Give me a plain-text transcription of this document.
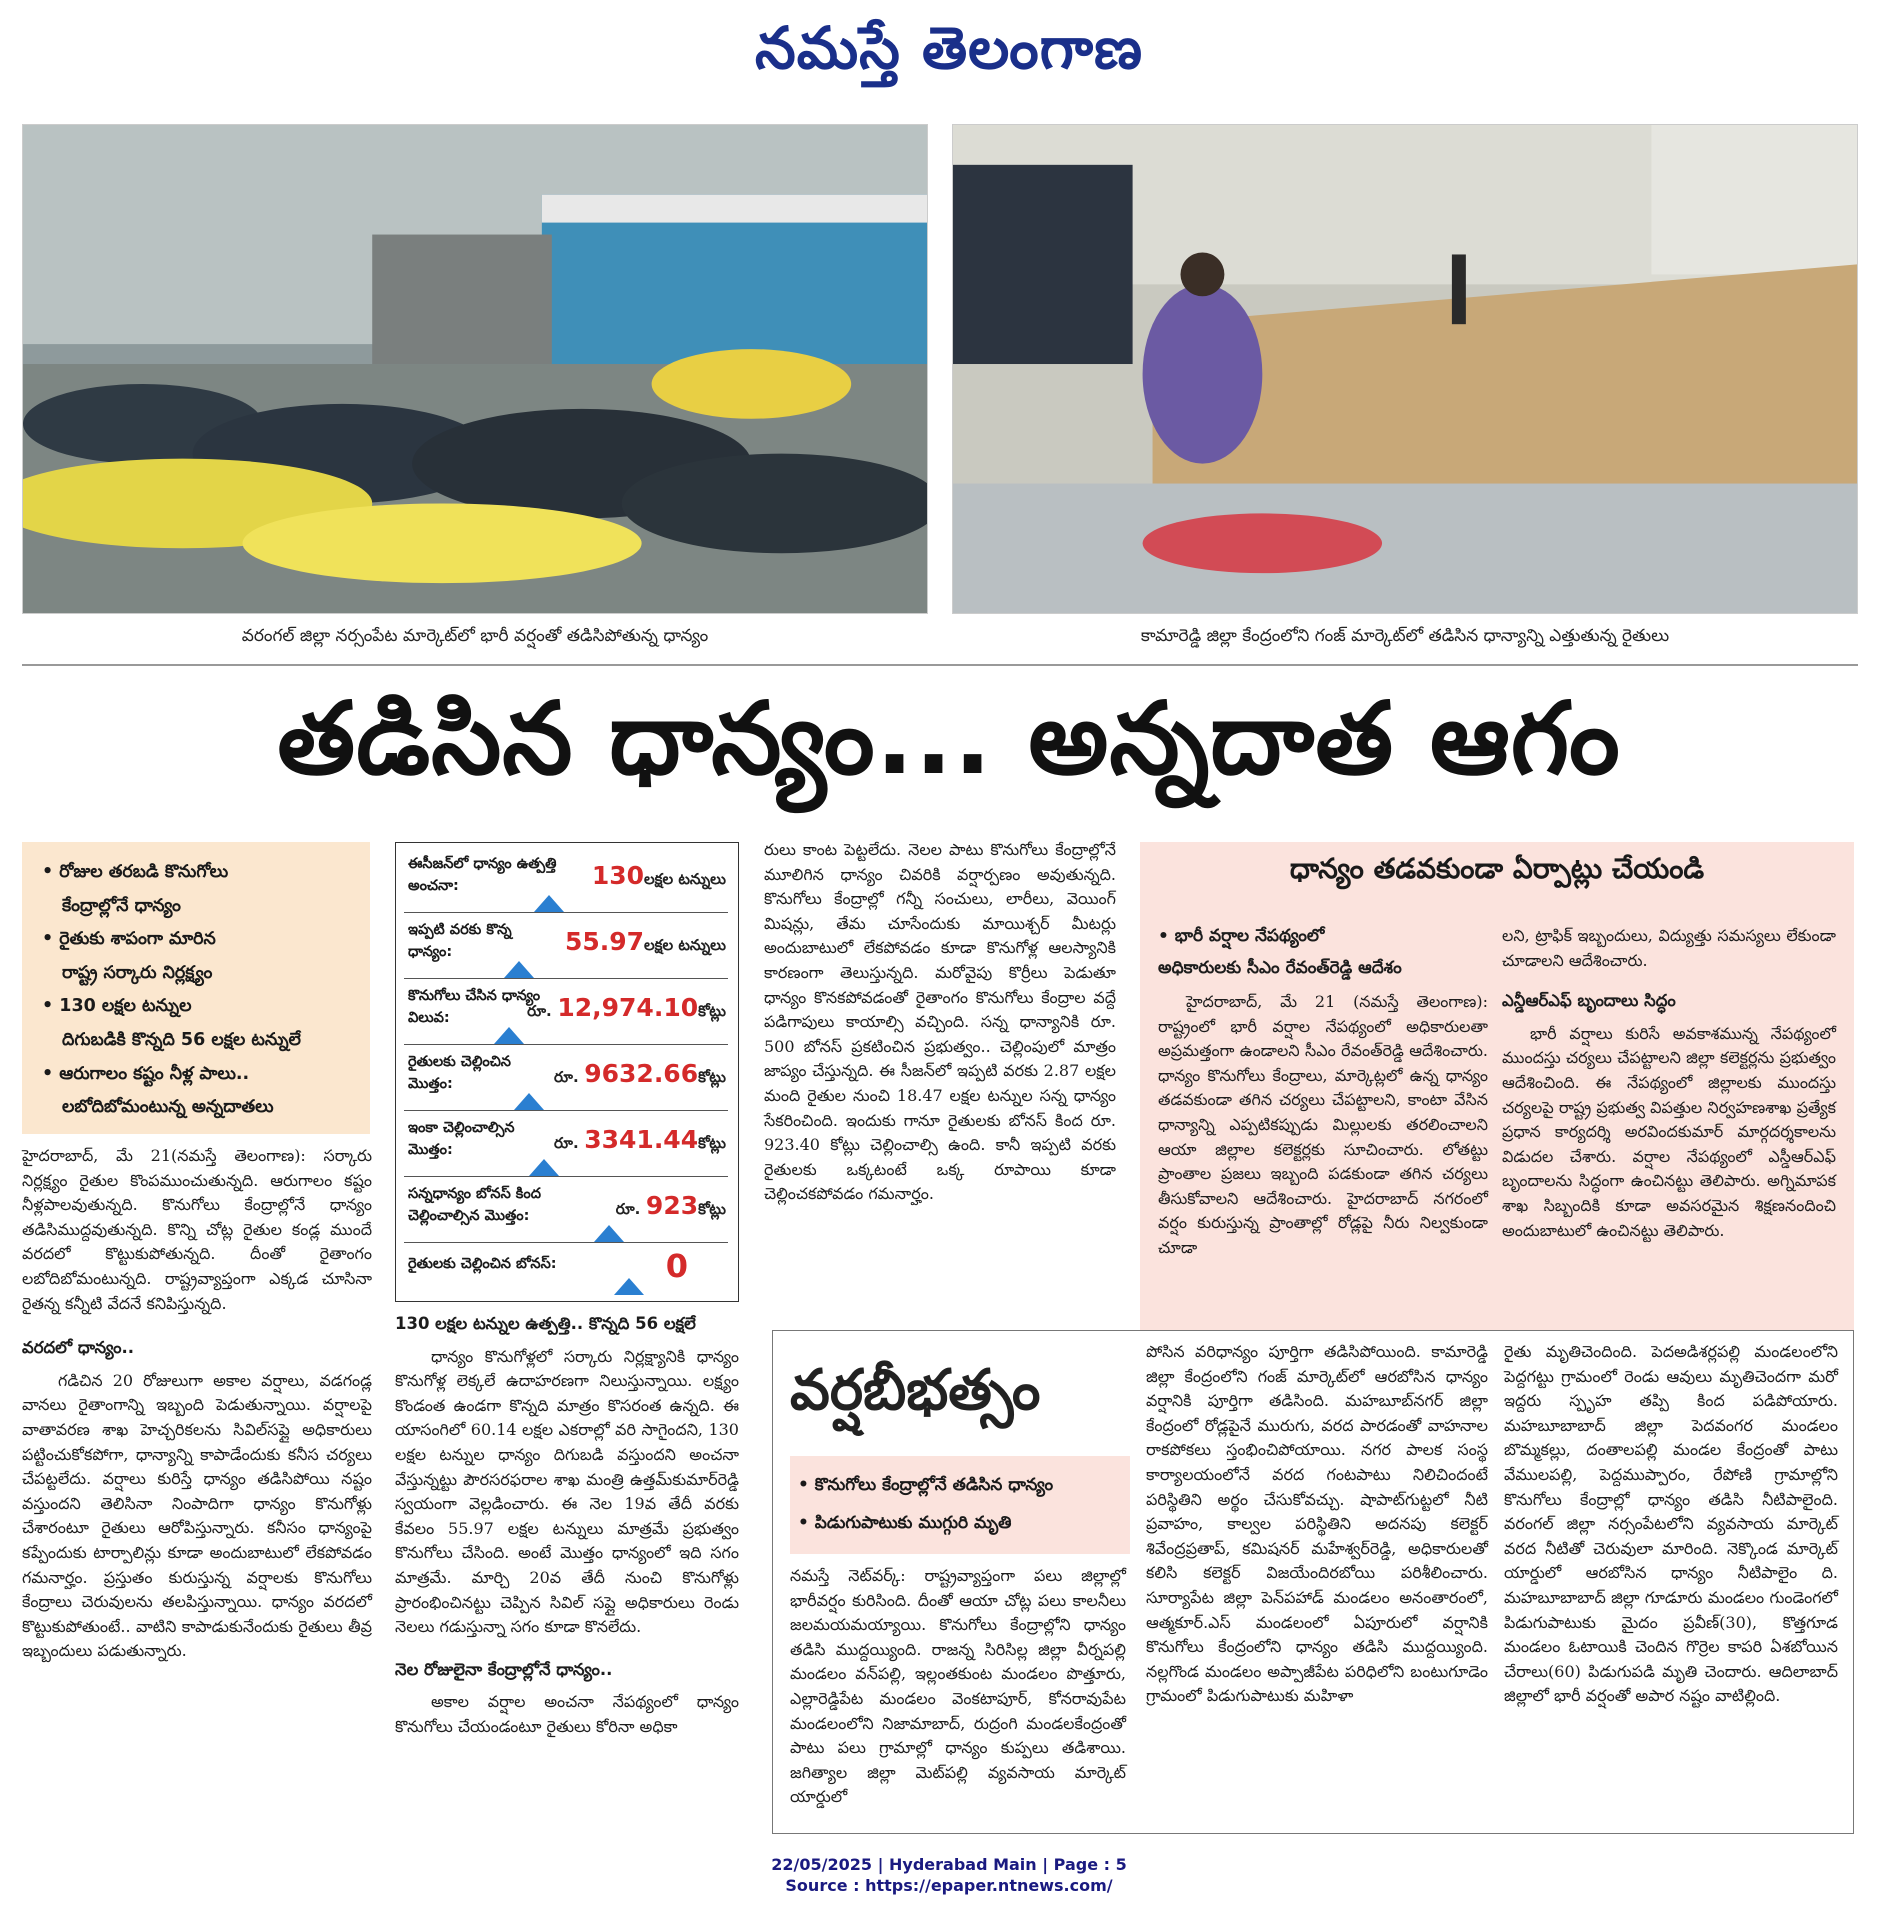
నమస్తే తెలంగాణ
వరంగల్ జిల్లా నర్సంపేట మార్కెట్‌లో భారీ వర్షంతో తడిసిపోతున్న ధాన్యం	కామారెడ్డి జిల్లా కేంద్రంలోని గంజ్ మార్కెట్‌లో తడిసిన ధాన్యాన్ని ఎత్తుతున్న రైతులు
తడిసిన ధాన్యం... అన్నదాత ఆగం
• రోజుల తరబడి కొనుగోలు
కేంద్రాల్లోనే ధాన్యం
• రైతుకు శాపంగా మారిన
రాష్ట్ర సర్కారు నిర్లక్ష్యం
• 130 లక్షల టన్నుల
దిగుబడికి కొన్నది 56 లక్షల టన్నులే
• ఆరుగాలం కష్టం నీళ్ల పాలు..
లబోదిబోమంటున్న అన్నదాతలు

హైదరాబాద్, మే 21(నమస్తే తెలంగాణ): సర్కారు నిర్లక్ష్యం రైతుల కొంపముంచుతున్నది. ఆరుగాలం కష్టం నీళ్లపాలవుతున్నది. కొనుగోలు కేంద్రాల్లోనే ధాన్యం తడిసిముద్దవుతున్నది. కొన్ని చోట్ల రైతుల కండ్ల ముందే వరదలో కొట్టుకుపోతున్నది. దీంతో రైతాంగం లబోదిబోమంటున్నది. రాష్ట్రవ్యాప్తంగా ఎక్కడ చూసినా రైతన్న కన్నీటి వేదనే కనిపిస్తున్నది.

వరదలో ధాన్యం..

గడిచిన 20 రోజులుగా అకాల వర్షాలు, వడగండ్ల వానలు రైతాంగాన్ని ఇబ్బంది పెడుతున్నాయి. వర్షాలపై వాతావరణ శాఖ హెచ్చరికలను సివిల్‌సప్లై అధికారులు పట్టించుకోకపోగా, ధాన్యాన్ని కాపాడేందుకు కనీస చర్యలు చేపట్టలేదు. వర్షాలు కురిస్తే ధాన్యం తడిసిపోయి నష్టం వస్తుందని తెలిసినా నింపాదిగా ధాన్యం కొనుగోళ్లు చేశారంటూ రైతులు ఆరోపిస్తున్నారు. కనీసం ధాన్యంపై కప్పేందుకు టార్పాలిన్లు కూడా అందుబాటులో లేకపోవడం గమనార్హం. ప్రస్తుతం కురుస్తున్న వర్షాలకు కొనుగోలు కేంద్రాలు చెరువులను తలపిస్తున్నాయి. ధాన్యం వరదలో కొట్టుకుపోతుంటే.. వాటిని కాపాడుకునేందుకు రైతులు తీవ్ర ఇబ్బందులు పడుతున్నారు.

ఈసీజన్‌లో ధాన్యం ఉత్పత్తి అంచనా:	130లక్షల టన్నులు
ఇప్పటి వరకు కొన్న ధాన్యం:	55.97లక్షల టన్నులు
కొనుగోలు చేసిన ధాన్యం విలువ:	రూ. 12,974.10కోట్లు
రైతులకు చెల్లించిన మొత్తం:	రూ. 9632.66కోట్లు
ఇంకా చెల్లించాల్సిన మొత్తం:	రూ. 3341.44కోట్లు
సన్నధాన్యం బోనస్ కింద చెల్లించాల్సిన మొత్తం:	రూ. 923కోట్లు
రైతులకు చెల్లించిన బోనస్:	0

130 లక్షల టన్నుల ఉత్పత్తి.. కొన్నది 56 లక్షలే

ధాన్యం కొనుగోళ్లలో సర్కారు నిర్లక్ష్యానికి ధాన్యం కొనుగోళ్ల లెక్కలే ఉదాహరణగా నిలుస్తున్నాయి. లక్ష్యం కొండంత ఉండగా కొన్నది మాత్రం కొసరంత ఉన్నది. ఈ యాసంగిలో 60.14 లక్షల ఎకరాల్లో వరి సాగైందని, 130 లక్షల టన్నుల ధాన్యం దిగుబడి వస్తుందని అంచనా వేస్తున్నట్టు పౌరసరఫరాల శాఖ మంత్రి ఉత్తమ్‌కుమార్‌రెడ్డి స్వయంగా వెల్లడించారు. ఈ నెల 19వ తేదీ వరకు కేవలం 55.97 లక్షల టన్నులు మాత్రమే ప్రభుత్వం కొనుగోలు చేసింది. అంటే మొత్తం ధాన్యంలో ఇది సగం మాత్రమే. మార్చి 20వ తేదీ నుంచి కొనుగోళ్లు ప్రారంభించినట్టు చెప్పిన సివిల్ సప్లై అధికారులు రెండు నెలలు గడుస్తున్నా సగం కూడా కొనలేదు.

నెల రోజులైనా కేంద్రాల్లోనే ధాన్యం..

అకాల వర్షాల అంచనా నేపథ్యంలో ధాన్యం కొనుగోలు చేయండంటూ రైతులు కోరినా అధికా

రులు కాంట పెట్టలేదు. నెలల పాటు కొనుగోలు కేంద్రాల్లోనే మూలిగిన ధాన్యం చివరికి వర్షార్పణం అవుతున్నది. కొనుగోలు కేంద్రాల్లో గన్నీ సంచులు, లారీలు, వెయింగ్ మిషన్లు, తేమ చూసేందుకు మాయిశ్చర్ మీటర్లు అందుబాటులో లేకపోవడం కూడా కొనుగోళ్ల ఆలస్యానికి కారణంగా తెలుస్తున్నది. మరోవైపు కొర్రీలు పెడుతూ ధాన్యం కొనకపోవడంతో రైతాంగం కొనుగోలు కేంద్రాల వద్దే పడిగాపులు కాయాల్సి వచ్చింది. సన్న ధాన్యానికి రూ. 500 బోనస్ ప్రకటించిన ప్రభుత్వం.. చెల్లింపులో మాత్రం జాప్యం చేస్తున్నది. ఈ సీజన్‌లో ఇప్పటి వరకు 2.87 లక్షల మంది రైతుల నుంచి 18.47 లక్షల టన్నుల సన్న ధాన్యం సేకరించింది. ఇందుకు గానూ రైతులకు బోనస్ కింద రూ. 923.40 కోట్లు చెల్లించాల్సి ఉంది. కానీ ఇప్పటి వరకు రైతులకు ఒక్కటంటే ఒక్క రూపాయి కూడా చెల్లించకపోవడం గమనార్హం.

ధాన్యం తడవకుండా ఏర్పాట్లు చేయండి

• భారీ వర్షాల నేపథ్యంలో

అధికారులకు సీఎం రేవంత్‌రెడ్డి ఆదేశం

హైదరాబాద్, మే 21 (నమస్తే తెలంగాణ): రాష్ట్రంలో భారీ వర్షాల నేపథ్యంలో అధికారులతా అప్రమత్తంగా ఉండాలని సీఎం రేవంత్‌రెడ్డి ఆదేశించారు. ధాన్యం కొనుగోలు కేంద్రాలు, మార్కెట్లలో ఉన్న ధాన్యం తడవకుండా తగిన చర్యలు చేపట్టాలని, కాంటా వేసిన ధాన్యాన్ని ఎప్పటికప్పుడు మిల్లులకు తరలించాలని ఆయా జిల్లాల కలెక్టర్లకు సూచించారు. లోతట్టు ప్రాంతాల ప్రజలు ఇబ్బంది పడకుండా తగిన చర్యలు తీసుకోవాలని ఆదేశించారు. హైదరాబాద్ నగరంలో వర్షం కురుస్తున్న ప్రాంతాల్లో రోడ్లపై నీరు నిల్వకుండా చూడా

లని, ట్రాఫిక్ ఇబ్బందులు, విద్యుత్తు సమస్యలు లేకుండా చూడాలని ఆదేశించారు.

ఎన్డీఆర్‌ఎఫ్ బృందాలు సిద్ధం

భారీ వర్షాలు కురిసే అవకాశమున్న నేపథ్యంలో ముందస్తు చర్యలు చేపట్టాలని జిల్లా కలెక్టర్లను ప్రభుత్వం ఆదేశించింది. ఈ నేపథ్యంలో జిల్లాలకు ముందస్తు చర్యలపై రాష్ట్ర ప్రభుత్వ విపత్తుల నిర్వహణశాఖ ప్రత్యేక ప్రధాన కార్యదర్శి అరవిందకుమార్ మార్గదర్శకాలను విడుదల చేశారు. వర్షాల నేపథ్యంలో ఎస్డీఆర్‌ఎఫ్ బృందాలను సిద్ధంగా ఉంచినట్టు తెలిపారు. అగ్నిమాపక శాఖ సిబ్బందికి కూడా అవసరమైన శిక్షణనందించి అందుబాటులో ఉంచినట్టు తెలిపారు.

వర్షబీభత్సం

• కొనుగోలు కేంద్రాల్లోనే తడిసిన ధాన్యం

• పిడుగుపాటుకు ముగ్గురి మృతి

నమస్తే నెట్‌వర్క్: రాష్ట్రవ్యాప్తంగా పలు జిల్లాల్లో భారీవర్షం కురిసింది. దీంతో ఆయా చోట్ల పలు కాలనీలు జలమయమయ్యాయి. కొనుగోలు కేంద్రాల్లోని ధాన్యం తడిసి ముద్దయ్యింది. రాజన్న సిరిసిల్ల జిల్లా వీర్నపల్లి మండలం వన్‌పల్లి, ఇల్లంతకుంట మండలం పొత్తూరు, ఎల్లారెడ్డిపేట మండలం వెంకటాపూర్, కోనరావుపేట మండలంలోని నిజామాబాద్, రుద్రంగి మండలకేంద్రంతో పాటు పలు గ్రామాల్లో ధాన్యం కుప్పలు తడిశాయి. జగిత్యాల జిల్లా మెట్‌పల్లి వ్యవసాయ మార్కెట్ యార్డులో

పోసిన వరిధాన్యం పూర్తిగా తడిసిపోయింది. కామారెడ్డి జిల్లా కేంద్రంలోని గంజ్ మార్కెట్‌లో ఆరబోసిన ధాన్యం వర్షానికి పూర్తిగా తడిసింది. మహబూబ్‌నగర్ జిల్లా కేంద్రంలో రోడ్లపైనే మురుగు, వరద పారడంతో వాహనాల రాకపోకలు స్తంభించిపోయాయి. నగర పాలక సంస్థ కార్యాలయంలోనే వరద గంటపాటు నిలిచిందంటే పరిస్థితిని అర్థం చేసుకోవచ్చు. షాపాట్‌గుట్టలో నీటి ప్రవాహం, కాల్వల పరిస్థితిని అదనపు కలెక్టర్ శివేంద్రప్రతాప్, కమిషనర్ మహేశ్వర్‌రెడ్డి, అధికారులతో కలిసి కలెక్టర్ విజయేందిరబోయి పరిశీలించారు. సూర్యాపేట జిల్లా పెన్‌పహాడ్ మండలం అనంతారంలో, ఆత్మకూర్.ఎస్ మండలంలో ఏపూరులో వర్షానికి కొనుగోలు కేంద్రంలోని ధాన్యం తడిసి ముద్దయ్యింది. నల్లగొండ మండలం అప్పాజీపేట పరిధిలోని బంటుగూడెం గ్రామంలో పిడుగుపాటుకు మహిళా

రైతు మృతిచెందింది. పెదఅడిశర్లపల్లి మండలంలోని పెద్దగట్టు గ్రామంలో రెండు ఆవులు మృతిచెందగా మరో ఇద్దరు స్పృహ తప్పి కింద పడిపోయారు. మహబూబాబాద్ జిల్లా పెదవంగర మండలం బొమ్మకల్లు, దంతాలపల్లి మండల కేంద్రంతో పాటు వేములపల్లి, పెద్దముప్పారం, రేపోణి గ్రామాల్లోని కొనుగోలు కేంద్రాల్లో ధాన్యం తడిసి నీటిపాలైంది. వరంగల్ జిల్లా నర్సంపేటలోని వ్యవసాయ మార్కెట్ వరద నీటితో చెరువులా మారింది. నెక్కొండ మార్కెట్ యార్డులో ఆరబోసిన ధాన్యం నీటిపాలైం ది. మహబూబాబాద్ జిల్లా గూడూరు మండలం గుండెంగలో పిడుగుపాటుకు మైదం ప్రవీణ్(30), కొత్తగూడ మండలం ఓటాయికి చెందిన గొర్రెల కాపరి ఏశబోయిన చేరాలు(60) పిడుగుపడి మృతి చెందారు. ఆదిలాబాద్ జిల్లాలో భారీ వర్షంతో అపార నష్టం వాటిల్లింది.

22/05/2025 | Hyderabad Main | Page : 5
Source : https://epaper.ntnews.com/
